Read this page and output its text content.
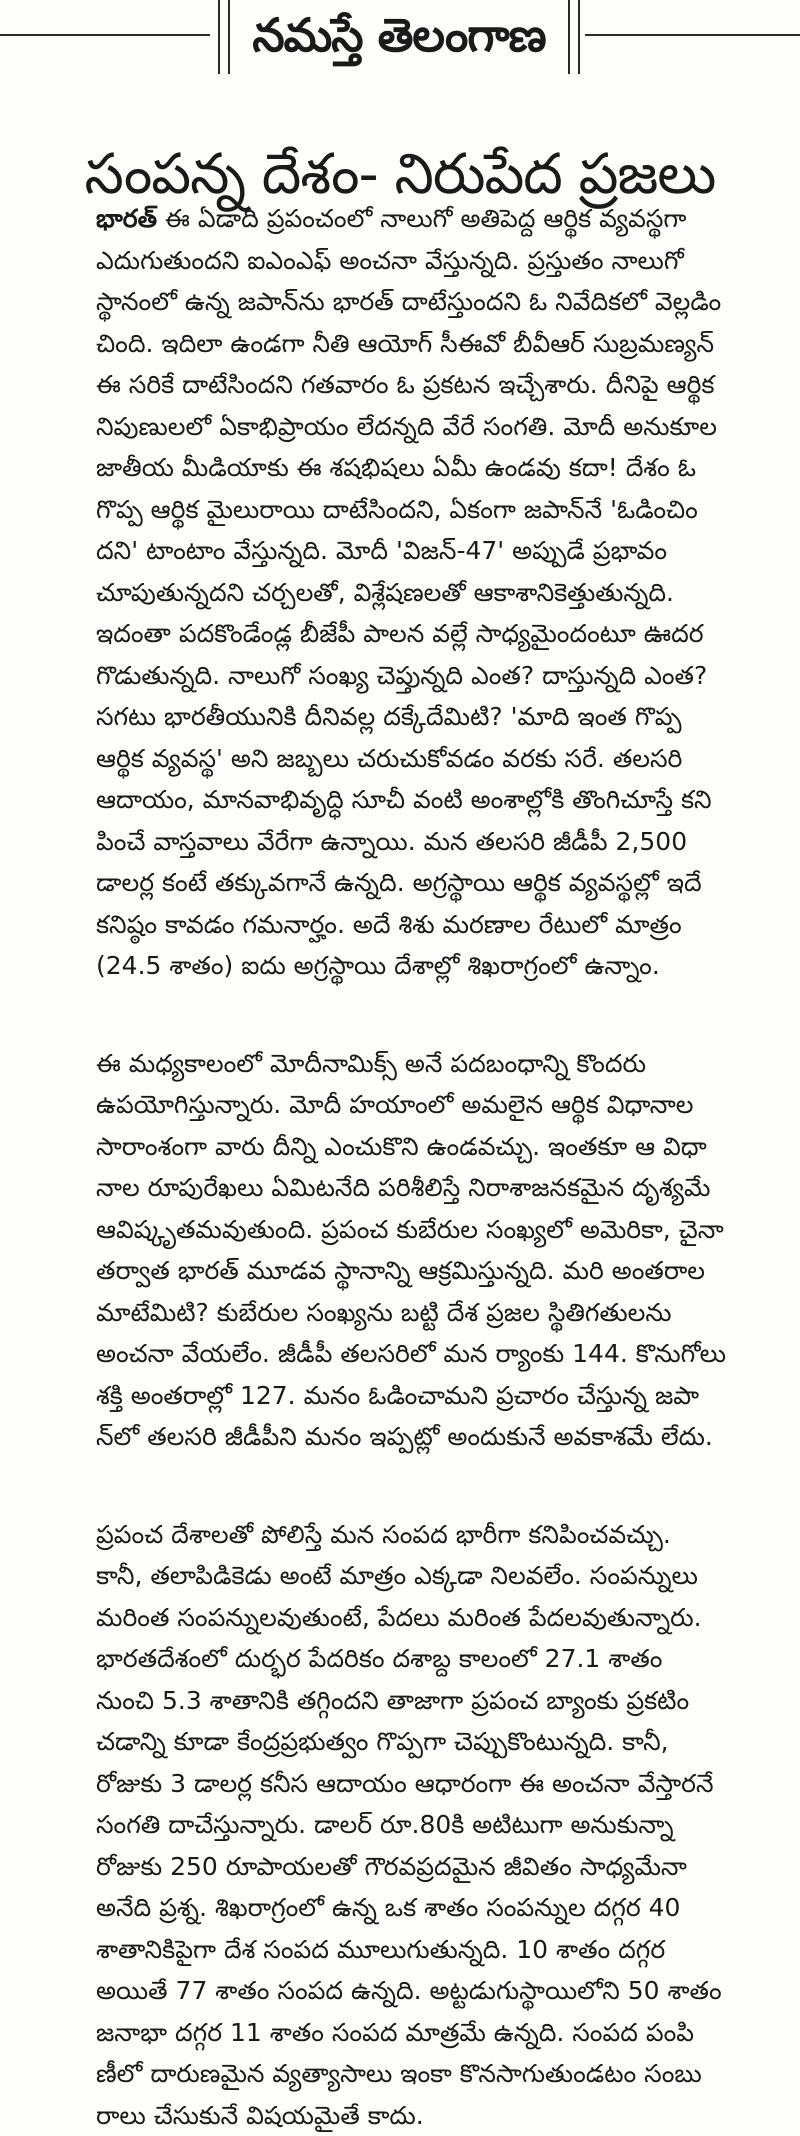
నమస్తే తెలంగాణ
సంపన్న దేశం- నిరుపేద ప్రజలు
భారత్ ఈ ఏడాది ప్రపంచంలో నాలుగో అతిపెద్ద ఆర్థిక వ్యవస్థగా
ఎదుగుతుందని ఐఎంఎఫ్ అంచనా వేస్తున్నది. ప్రస్తుతం నాలుగో
స్థానంలో ఉన్న జపాన్‌ను భారత్ దాటేస్తుందని ఓ నివేదికలో వెల్లడిం
చింది. ఇదిలా ఉండగా నీతి ఆయోగ్ సీఈవో బీవీఆర్ సుబ్రమణ్యన్
ఈ సరికే దాటేసిందని గతవారం ఓ ప్రకటన ఇచ్చేశారు. దీనిపై ఆర్థిక
నిపుణులలో ఏకాభిప్రాయం లేదన్నది వేరే సంగతి. మోదీ అనుకూల
జాతీయ మీడియాకు ఈ శషభిషలు ఏమీ ఉండవు కదా! దేశం ఓ
గొప్ప ఆర్థిక మైలురాయి దాటేసిందని, ఏకంగా జపాన్‌నే 'ఓడించిం
దని' టాంటాం వేస్తున్నది. మోదీ 'విజన్-47' అప్పుడే ప్రభావం
చూపుతున్నదని చర్చలతో, విశ్లేషణలతో ఆకాశానికెత్తుతున్నది.
ఇదంతా పదకొండేండ్ల బీజేపీ పాలన వల్లే సాధ్యమైందంటూ ఊదర
గొడుతున్నది. నాలుగో సంఖ్య చెప్తున్నది ఎంత? దాస్తున్నది ఎంత?
సగటు భారతీయునికి దీనివల్ల దక్కేదేమిటి? 'మాది ఇంత గొప్ప
ఆర్థిక వ్యవస్థ' అని జబ్బలు చరుచుకోవడం వరకు సరే. తలసరి
ఆదాయం, మానవాభివృద్ధి సూచీ వంటి అంశాల్లోకి తొంగిచూస్తే కని
పించే వాస్తవాలు వేరేగా ఉన్నాయి. మన తలసరి జీడీపీ 2,500
డాలర్ల కంటే తక్కువగానే ఉన్నది. అగ్రస్థాయి ఆర్థిక వ్యవస్థల్లో ఇదే
కనిష్ఠం కావడం గమనార్హం. అదే శిశు మరణాల రేటులో మాత్రం
(24.5 శాతం) ఐదు అగ్రస్థాయి దేశాల్లో శిఖరాగ్రంలో ఉన్నాం.
ఈ మధ్యకాలంలో మోదీనామిక్స్ అనే పదబంధాన్ని కొందరు
ఉపయోగిస్తున్నారు. మోదీ హయాంలో అమలైన ఆర్థిక విధానాల
సారాంశంగా వారు దీన్ని ఎంచుకొని ఉండవచ్చు. ఇంతకూ ఆ విధా
నాల రూపురేఖలు ఏమిటనేది పరిశీలిస్తే నిరాశాజనకమైన దృశ్యమే
ఆవిష్కృతమవుతుంది. ప్రపంచ కుబేరుల సంఖ్యలో అమెరికా, చైనా
తర్వాత భారత్ మూడవ స్థానాన్ని ఆక్రమిస్తున్నది. మరి అంతరాల
మాటేమిటి? కుబేరుల సంఖ్యను బట్టి దేశ ప్రజల స్థితిగతులను
అంచనా వేయలేం. జీడీపీ తలసరిలో మన ర్యాంకు 144. కొనుగోలు
శక్తి అంతరాల్లో 127. మనం ఓడించామని ప్రచారం చేస్తున్న జపా
న్‌లో తలసరి జీడీపీని మనం ఇప్పట్లో అందుకునే అవకాశమే లేదు.
ప్రపంచ దేశాలతో పోలిస్తే మన సంపద భారీగా కనిపించవచ్చు.
కానీ, తలాపిడికెడు అంటే మాత్రం ఎక్కడా నిలవలేం. సంపన్నులు
మరింత సంపన్నులవుతుంటే, పేదలు మరింత పేదలవుతున్నారు.
భారతదేశంలో దుర్భర పేదరికం దశాబ్ద కాలంలో 27.1 శాతం
నుంచి 5.3 శాతానికి తగ్గిందని తాజాగా ప్రపంచ బ్యాంకు ప్రకటిం
చడాన్ని కూడా కేంద్రప్రభుత్వం గొప్పగా చెప్పుకొంటున్నది. కానీ,
రోజుకు 3 డాలర్ల కనీస ఆదాయం ఆధారంగా ఈ అంచనా వేస్తారనే
సంగతి దాచేస్తున్నారు. డాలర్ రూ.80కి అటిటుగా అనుకున్నా
రోజుకు 250 రూపాయలతో గౌరవప్రదమైన జీవితం సాధ్యమేనా
అనేది ప్రశ్న. శిఖరాగ్రంలో ఉన్న ఒక శాతం సంపన్నుల దగ్గర 40
శాతానికిపైగా దేశ సంపద మూలుగుతున్నది. 10 శాతం దగ్గర
అయితే 77 శాతం సంపద ఉన్నది. అట్టడుగుస్థాయిలోని 50 శాతం
జనాభా దగ్గర 11 శాతం సంపద మాత్రమే ఉన్నది. సంపద పంపి
ణీలో దారుణమైన వ్యత్యాసాలు ఇంకా కొనసాగుతుండటం సంబు
రాలు చేసుకునే విషయమైతే కాదు.
